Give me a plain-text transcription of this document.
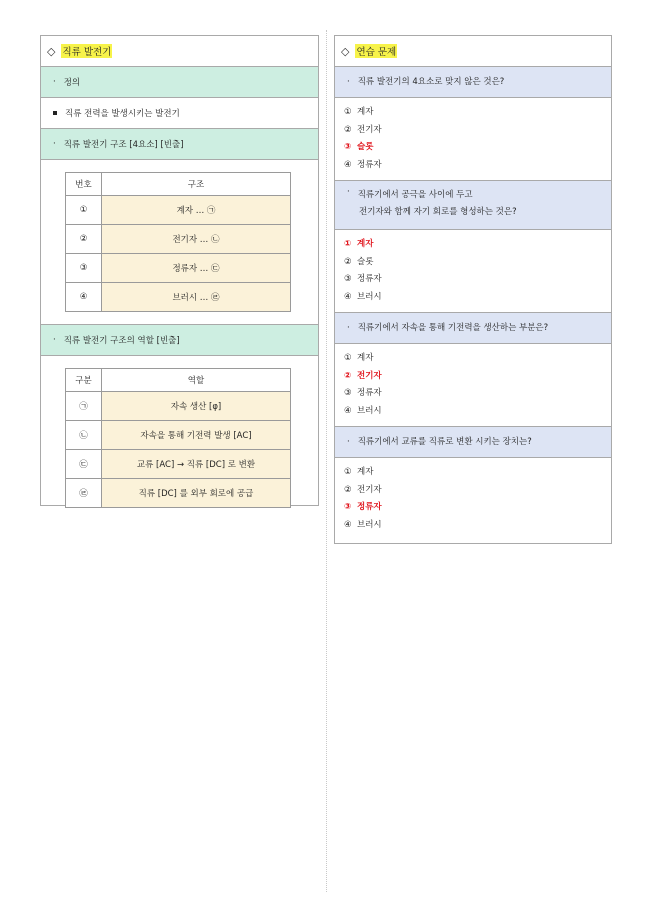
◇ 직류 발전기
· 정의
직류 전력을 발생시키는 발전기
· 직류 발전기 구조 [4요소] [빈출]
번호	구조
①	계자 … ㉠
②	전기자 … ㉡
③	정류자 … ㉢
④	브러시 … ㉣
· 직류 발전기 구조의 역할 [빈출]
구분	역할
㉠	자속 생산 [φ]
㉡	자속을 통해 기전력 발생 [AC]
㉢	교류 [AC] → 직류 [DC] 로 변환
㉣	직류 [DC] 를 외부 회로에 공급
◇ 연습 문제
· 직류 발전기의 4요소로 맞지 않은 것은?
① 계자
② 전기자
③ 슬롯
④ 정류자
· 직류기에서 공극을 사이에 두고
전기자와 함께 자기 회로를 형성하는 것은?
① 계자
② 슬롯
③ 정류자
④ 브러시
· 직류기에서 자속을 통해 기전력을 생산하는 부분은?
① 계자
② 전기자
③ 정류자
④ 브러시
· 직류기에서 교류를 직류로 변환 시키는 장치는?
① 계자
② 전기자
③ 정류자
④ 브러시
